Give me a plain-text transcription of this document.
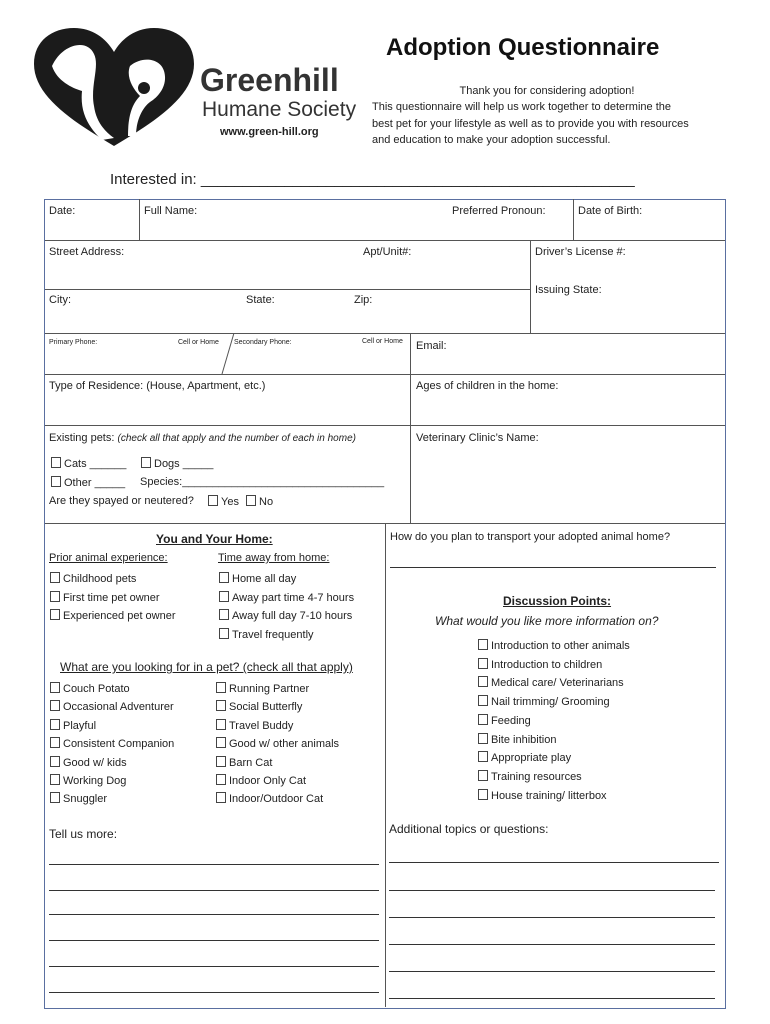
Greenhill
Humane Society
www.green-hill.org
Adoption Questionnaire
Thank you for considering adoption!
This questionnaire will help us work together to determine the
best pet for your lifestyle as well as to provide you with resources
and education to make your adoption successful.
Interested in: ____________________________________________________
Date:	Full Name:	Preferred Pronoun:	Date of Birth:
Street Address:	Apt/Unit#:	Driver’s License #:
Issuing State:
City:	State:	Zip:
Primary Phone:	Cell or Home Secondary Phone:	Cell or Home Email:
Type of Residence: (House, Apartment, etc.)	Ages of children in the home:
Existing pets: (check all that apply and the number of each in home)	Veterinary Clinic’s Name:
Cats ______	Dogs _____
Other _____ Species:_________________________________
Are they spayed or neutered?	Yes	No
You and Your Home:
Prior animal experience:	Time away from home:
Childhood pets
First time pet owner
Experienced pet owner
Home all day
Away part time 4-7 hours
Away full day 7-10 hours
Travel frequently
What are you looking for in a pet? (check all that apply)
Couch Potato
Occasional Adventurer
Playful
Consistent Companion
Good w/ kids
Working Dog
Snuggler
Running Partner
Social Butterfly
Travel Buddy
Good w/ other animals
Barn Cat
Indoor Only Cat
Indoor/Outdoor Cat
Tell us more:
How do you plan to transport your adopted animal home?
Discussion Points:
What would you like more information on?
Introduction to other animals
Introduction to children
Medical care/ Veterinarians
Nail trimming/ Grooming
Feeding
Bite inhibition
Appropriate play
Training resources
House training/ litterbox
Additional topics or questions:
